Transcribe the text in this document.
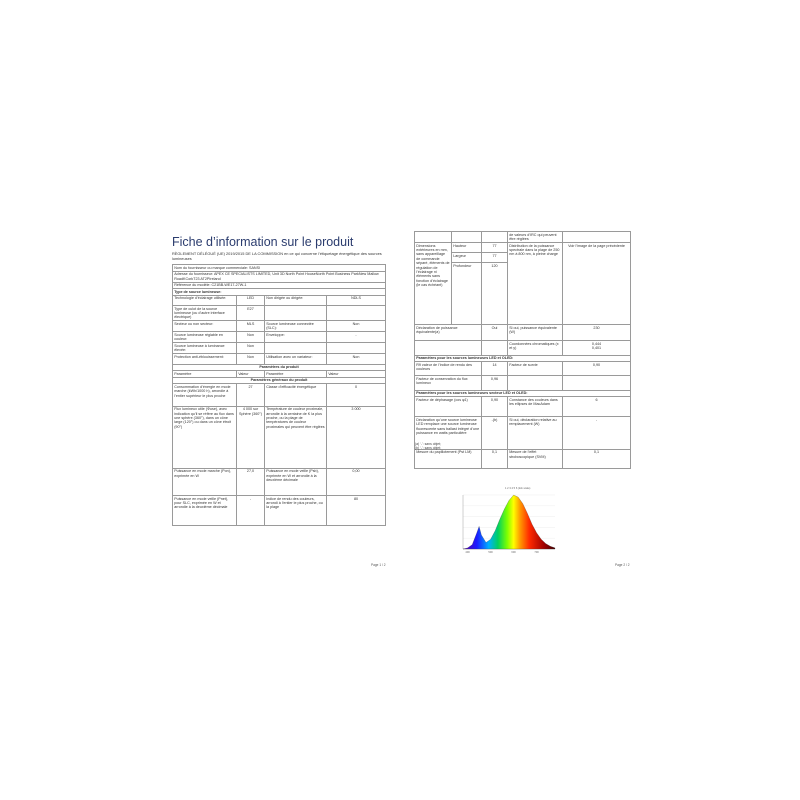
Fiche d’information sur le produit
RÈGLEMENT DÉLÉGUÉ (UE) 2019/2015 DE LA COMMISSION en ce qui concerne l’étiquetage énergétique des sources lumineuses
Nom du fournisseur ou marque commerciale: SANSI			
Adresse du fournisseur: APEX CE SPECIALISTS LIMITED, Unit 3D North Point HouseNorth Point Business ParkNew Mallow RoadKCorkT23 AT2PIreland			
Référence du modèle: C21BB-WE17-27W-1			
Type de source lumineuse:			
Technologie d’éclairage utilisée:	LED	Non dirigée ou dirigée:	NDLS
Type de culot de la source lumineuse (ou d’autre interface électrique)	E27		
Secteur ou non secteur:	MLS	Source lumineuse connectée (SLC):	Non
Source lumineuse réglable en couleur:	Non	Enveloppe:	-
Source lumineuse à luminance élevée:	Non		
Protection anti-éblouissement:	Non	Utilisation avec un variateur:	Non
Paramètres du produit			
Paramètre	Valeur	Paramètre	Valeur
Paramètres généraux du produit			
Consommation d’énergie en mode marche (kWh/1000 h), arrondie à l’entier supérieur le plus proche	27	Classe d’efficacité énergétique	0
Flux lumineux utile (Φuse), avec indication qu’il se réfère au flux dans une sphère (360°), dans un cône large (120°) ou dans un cône étroit (90°)	4 000 sur Sphère (360°)	Température de couleur proximale, arrondie à la centaine de K la plus proche, ou la plage de températures de couleur proximales qui peuvent être réglées	3 000
Puissance en mode marche (Pon), exprimée en W	27,0	Puissance en mode veille (Psb), exprimée en W et arrondie à la deuxième décimale	0,00
Puissance en mode veille (Pnet), pour SLC, exprimée en W et arrondie à la deuxième décimale	-	Indice de rendu des couleurs, arrondi à l’entier le plus proche, ou la plage	80
Page 1 / 2
			de valeurs d’IRC qui peuvent être réglées	
Dimensions extérieures en mm, sans appareillage de commande séparé, éléments de régulation de l’éclairage ni éléments sans fonction d’éclairage (le cas échéant)	Hauteur	77	Distribution de la puissance spectrale dans la plage de 250 nm à 800 nm, à pleine charge	Voir l’image de la page précédente
	Largeur	77		
	Profondeur	120		
Déclaration de puissance équivalente(a)		Oui	Si oui, puissance équivalente (W)	230
			Coordonnées chromatiques (x et y)	0,444
0,401
Paramètres pour les sources lumineuses LED et OLED:				
R9 valeur de l’indice de rendu des couleurs		14	Facteur de survie	0,90
Facteur de conservation du flux lumineux		0,96		
Paramètres pour les sources lumineuses secteur LED et OLED:				
Facteur de déphasage (cos φ1)		0,90	Constance des couleurs dans les ellipses de MacAdam	6
Déclaration qu’une source lumineuse LED remplace une source lumineuse fluorescente sans ballast intégré d’une puissance en watts particulière		-(b)	Si oui, déclaration relative au remplacement (W)	-
Mesure du papillotement (Pst LM)		0,1	Mesure de l’effet stroboscopique (SVM)	0,1
(a) ‘-’: sans objet;
(b) ‘-’: sans objet;
Page 2 / 2
400	500	600	700
1 2 3 4 5 6 (tick scale)
